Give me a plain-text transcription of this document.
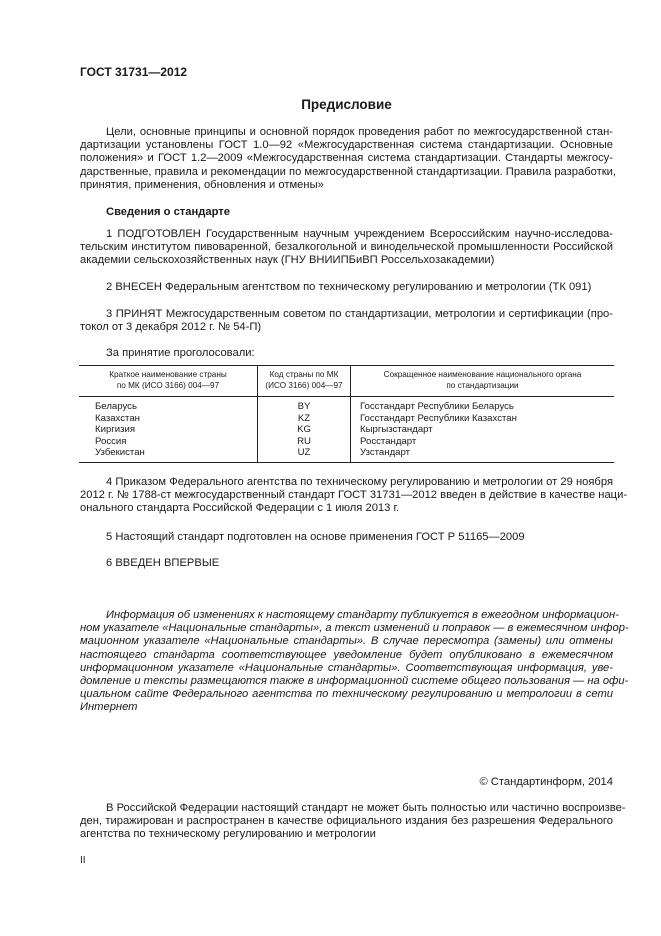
ГОСТ 31731—2012
Предисловие
Цели, основные принципы и основной порядок проведения работ по межгосударственной стан-
дартизации установлены ГОСТ 1.0—92 «Межгосударственная система стандартизации. Основные
положения» и ГОСТ 1.2—2009 «Межгосударственная система стандартизации. Стандарты межгосу-
дарственные, правила и рекомендации по межгосударственной стандартизации. Правила разработки,
принятия, применения, обновления и отмены»
Сведения о стандарте
1 ПОДГОТОВЛЕН Государственным научным учреждением Всероссийским научно-исследова-
тельским институтом пивоваренной, безалкогольной и винодельческой промышленности Российской
академии сельскохозяйственных наук (ГНУ ВНИИПБиВП Россельхозакадемии)
2 ВНЕСЕН Федеральным агентством по техническому регулированию и метрологии (ТК 091)
3 ПРИНЯТ Межгосударственным советом по стандартизации, метрологии и сертификации (про-
токол от 3 декабря 2012 г. № 54-П)
За принятие проголосовали:
Краткое наименование страны
по МК (ИСО 3166) 004—97	Код страны по МК
(ИСО 3166) 004—97	Сокращенное наименование национального органа
по стандартизации
Беларусь	BY	Госстандарт Республики Беларусь
Казахстан	KZ	Госстандарт Республики Казахстан
Киргизия	KG	Кыргызстандарт
Россия	RU	Росстандарт
Узбекистан	UZ	Узстандарт
4 Приказом Федерального агентства по техническому регулированию и метрологии от 29 ноября
2012 г. № 1788-ст межгосударственный стандарт ГОСТ 31731—2012 введен в действие в качестве наци-
онального стандарта Российской Федерации с 1 июля 2013 г.
5 Настоящий стандарт подготовлен на основе применения ГОСТ Р 51165—2009
6 ВВЕДЕН ВПЕРВЫЕ
Информация об изменениях к настоящему стандарту публикуется в ежегодном информацион-
ном указателе «Национальные стандарты», а текст изменений и поправок — в ежемесячном инфор-
мационном указателе «Национальные стандарты». В случае пересмотра (замены) или отмены
настоящего стандарта соответствующее уведомление будет опубликовано в ежемесячном
информационном указателе «Национальные стандарты». Соответствующая информация, уве-
домление и тексты размещаются также в информационной системе общего пользования — на офи-
циальном сайте Федерального агентства по техническому регулированию и метрологии в сети
Интернет
© Стандартинформ, 2014
В Российской Федерации настоящий стандарт не может быть полностью или частично воспроизве-
ден, тиражирован и распространен в качестве официального издания без разрешения Федерального
агентства по техническому регулированию и метрологии
II
